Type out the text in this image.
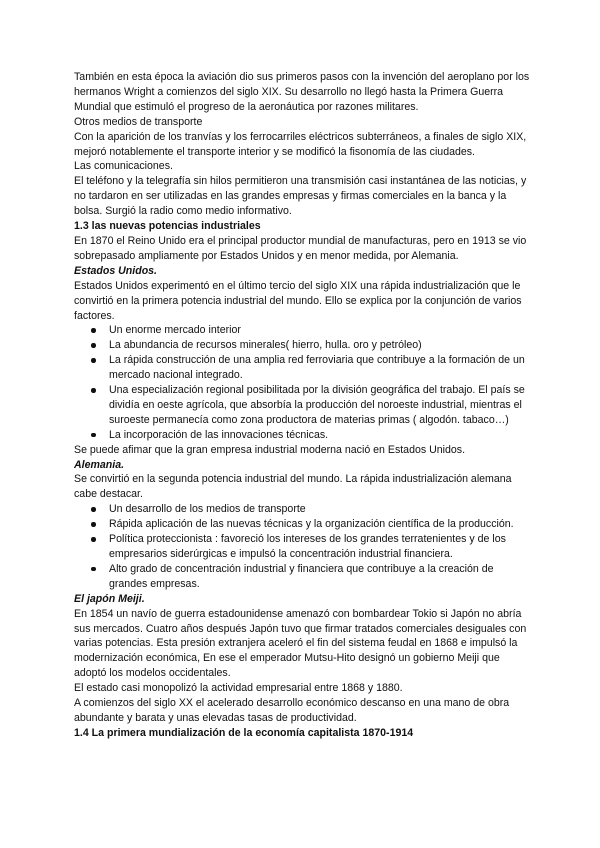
También en esta época la aviación dio sus primeros pasos con la invención del aeroplano por los hermanos Wright a comienzos del siglo XIX. Su desarrollo no llegó hasta la Primera Guerra Mundial que estimuló el progreso de la aeronáutica por razones militares.

Otros medios de transporte

Con la aparición de los tranvías y los ferrocarriles eléctricos subterráneos, a finales de siglo XIX, mejoró notablemente el transporte interior y se modificó la fisonomía de las ciudades.

Las comunicaciones.

El teléfono y la telegrafía sin hilos permitieron una transmisión casi instantánea de las noticias, y no tardaron en ser utilizadas en las grandes empresas y firmas comerciales en la banca y la bolsa. Surgió la radio como medio informativo.

1.3 las nuevas potencias industriales

En 1870 el Reino Unido era el principal productor mundial de manufacturas, pero en 1913 se vio sobrepasado ampliamente por Estados Unidos y en menor medida, por Alemania.

Estados Unidos.

Estados Unidos experimentó en el último tercio del siglo XIX una rápida industrialización que le convirtió en la primera potencia industrial del mundo. Ello se explica por la conjunción de varios factores.

Un enorme mercado interior
La abundancia de recursos minerales( hierro, hulla. oro y petróleo)
La rápida construcción de una amplia red ferroviaria que contribuye a la formación de un mercado nacional integrado.
Una especialización regional posibilitada por la división geográfica del trabajo. El país se dividía en oeste agrícola, que absorbía la producción del noroeste industrial, mientras el suroeste permanecía como zona productora de materias primas ( algodón. tabaco…)
La incorporación de las innovaciones técnicas.

Se puede afimar que la gran empresa industrial moderna nació en Estados Unidos.

Alemania.

Se convirtió en la segunda potencia industrial del mundo. La rápida industrialización alemana cabe destacar.

Un desarrollo de los medios de transporte
Rápida aplicación de las nuevas técnicas y la organización científica de la producción.
Política proteccionista : favoreció los intereses de los grandes terratenientes y de los empresarios siderúrgicas e impulsó la concentración industrial financiera.
Alto grado de concentración industrial y financiera que contribuye a la creación de grandes empresas.

El japón Meiji.

En 1854 un navío de guerra estadounidense amenazó con bombardear Tokio si Japón no abría sus mercados. Cuatro años después Japón tuvo que firmar tratados comerciales desiguales con varias potencias. Esta presión extranjera aceleró el fin del sistema feudal en 1868 e impulsó la modernización económica, En ese el emperador Mutsu-Hito designó un gobierno Meiji que adoptó los modelos occidentales.

El estado casi monopolizó la actividad empresarial entre 1868 y 1880.

A comienzos del siglo XX el acelerado desarrollo económico descanso en una mano de obra abundante y barata y unas elevadas tasas de productividad.

1.4 La primera mundialización de la economía capitalista 1870-1914
